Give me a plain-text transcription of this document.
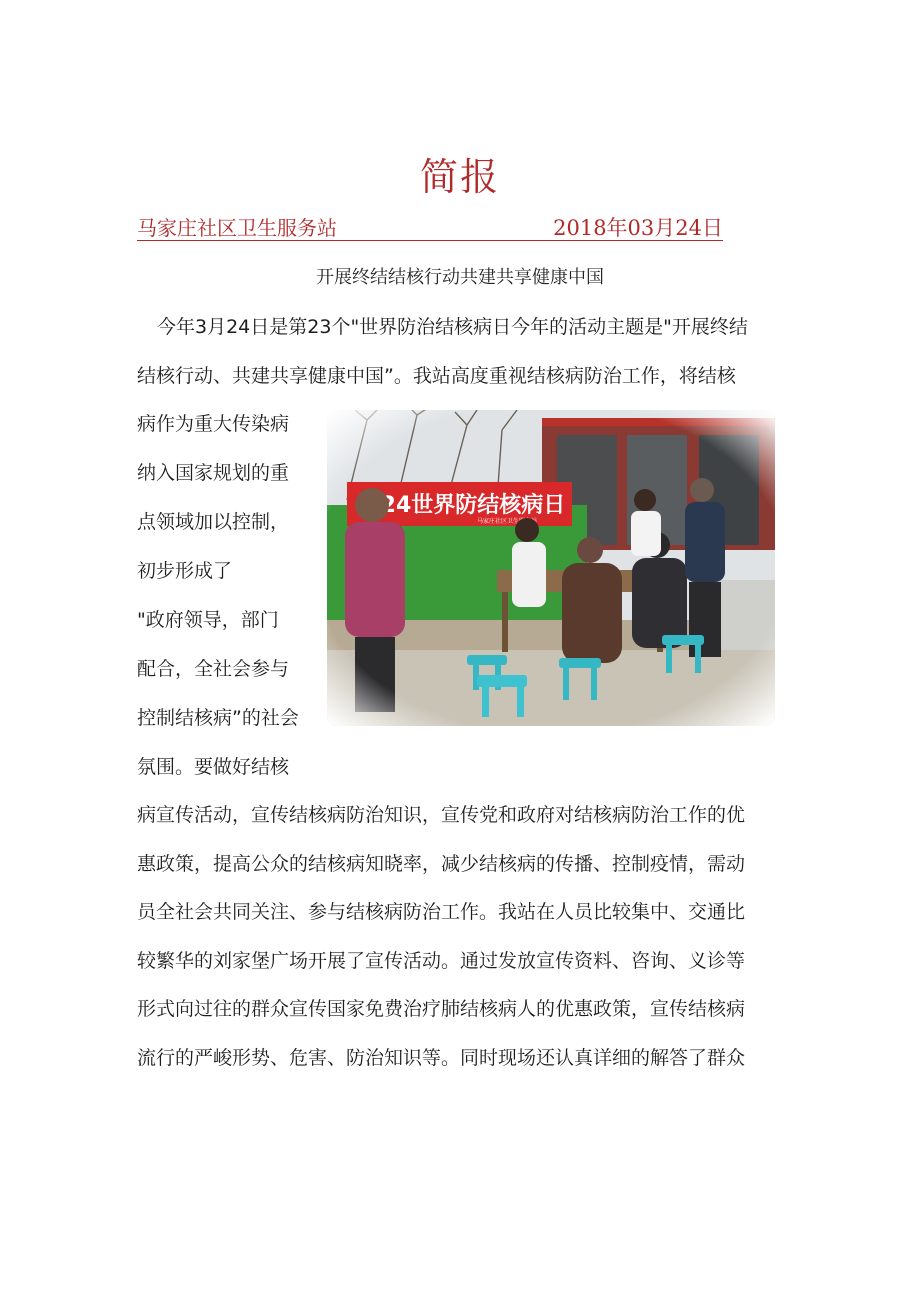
简报
马家庄社区卫生服务站	2018年03月24日
开展终结结核行动共建共享健康中国
今年3月24日是第23个"世界防治结核病日今年的活动主题是"开展终结
结核行动、共建共享健康中国”。我站高度重视结核病防治工作，将结核
病作为重大传染病
纳入国家规划的重
点领域加以控制，
初步形成了
"政府领导，部门
配合，全社会参与
控制结核病”的社会
氛围。要做好结核
病宣传活动，宣传结核病防治知识，宣传党和政府对结核病防治工作的优
惠政策，提高公众的结核病知晓率，减少结核病的传播、控制疫情，需动
员全社会共同关注、参与结核病防治工作。我站在人员比较集中、交通比
较繁华的刘家堡广场开展了宣传活动。通过发放宣传资料、咨询、义诊等
形式向过往的群众宣传国家免费治疗肺结核病人的优惠政策，宣传结核病
流行的严峻形势、危害、防治知识等。同时现场还认真详细的解答了群众
